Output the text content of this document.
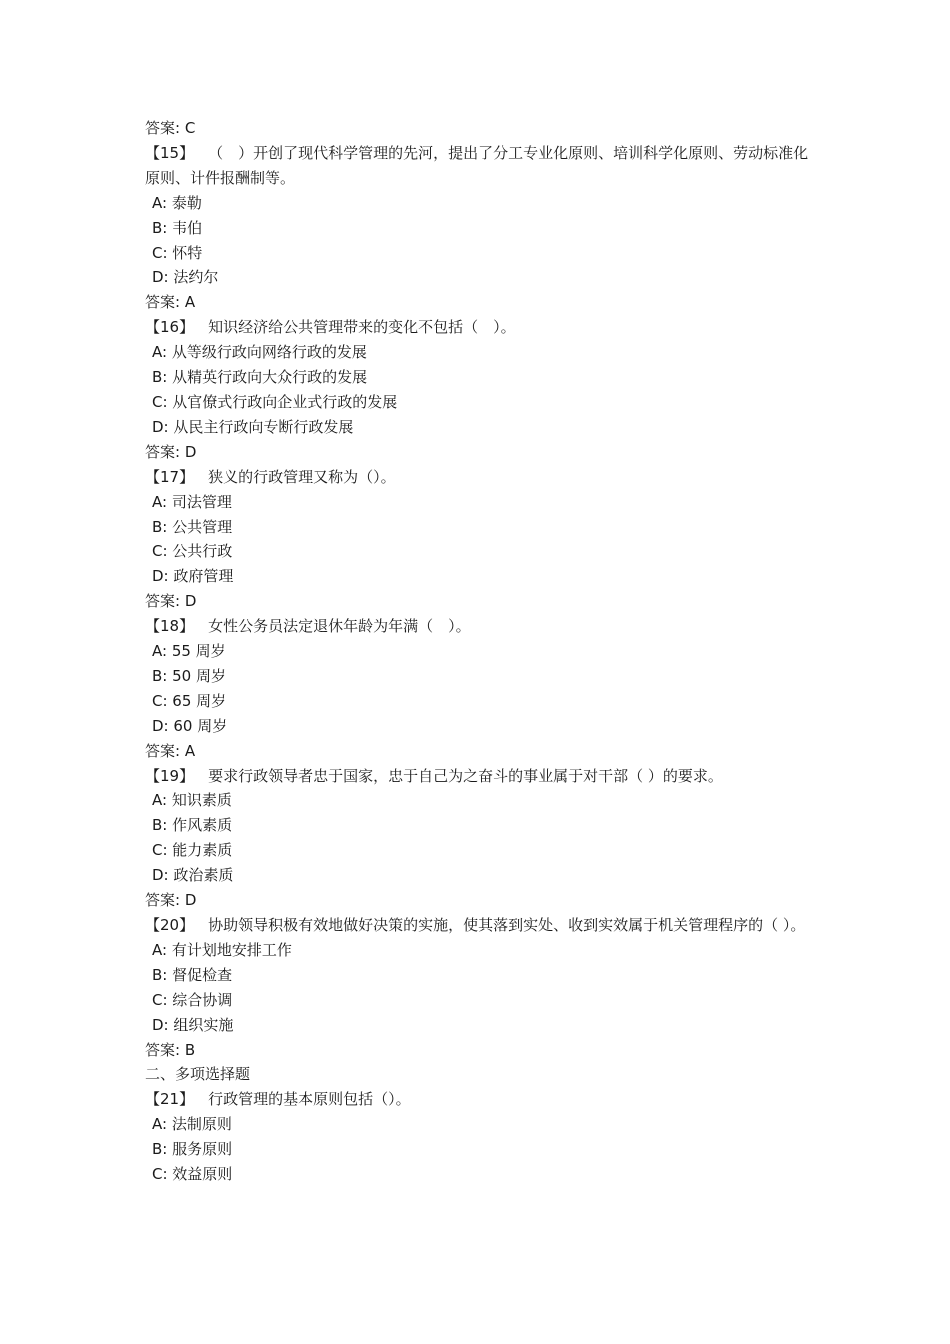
答案: C
【15】 （　）开创了现代科学管理的先河，提出了分工专业化原则、培训科学化原则、劳动标准化原则、计件报酬制等。
A: 泰勒
B: 韦伯
C: 怀特
D: 法约尔
答案: A
【16】 知识经济给公共管理带来的变化不包括（　）。
A: 从等级行政向网络行政的发展
B: 从精英行政向大众行政的发展
C: 从官僚式行政向企业式行政的发展
D: 从民主行政向专断行政发展
答案: D
【17】 狭义的行政管理又称为（）。
A: 司法管理
B: 公共管理
C: 公共行政
D: 政府管理
答案: D
【18】 女性公务员法定退休年龄为年满（　）。
A: 55 周岁
B: 50 周岁
C: 65 周岁
D: 60 周岁
答案: A
【19】 要求行政领导者忠于国家，忠于自己为之奋斗的事业属于对干部（ ）的要求。
A: 知识素质
B: 作风素质
C: 能力素质
D: 政治素质
答案: D
【20】 协助领导积极有效地做好决策的实施，使其落到实处、收到实效属于机关管理程序的（ ）。
A: 有计划地安排工作
B: 督促检查
C: 综合协调
D: 组织实施
答案: B
二、多项选择题
【21】 行政管理的基本原则包括（）。
A: 法制原则
B: 服务原则
C: 效益原则
